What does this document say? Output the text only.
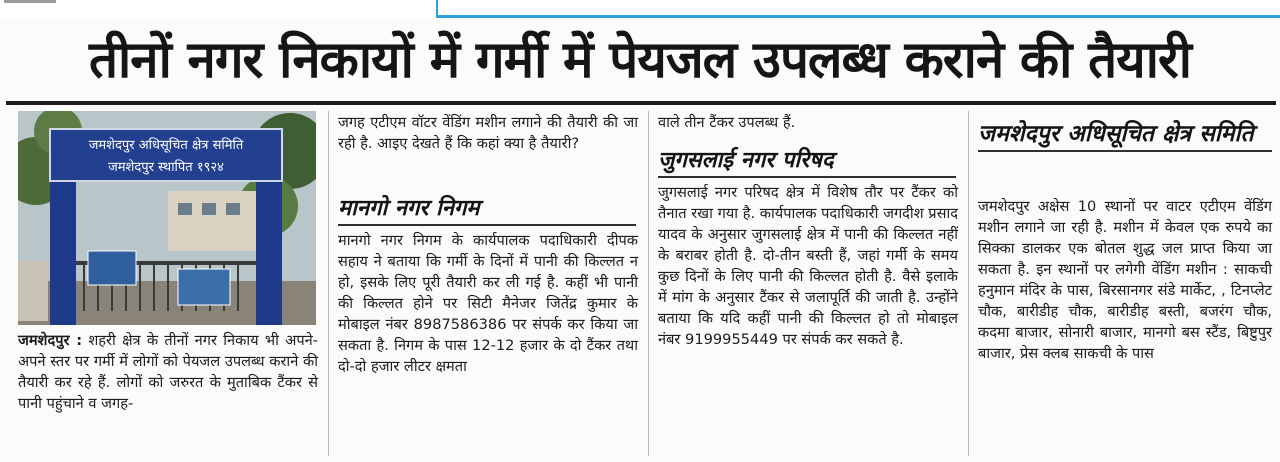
तीनों नगर निकायों में गर्मी में पेयजल उपलब्ध कराने की तैयारी
जमशेदपुर अधिसूचित क्षेत्र समिति
जमशेदपुर स्थापित १९२४

जमशेदपुर : शहरी क्षेत्र के तीनों नगर निकाय भी अपने-अपने स्तर पर गर्मी में लोगों को पेयजल उपलब्ध कराने की तैयारी कर रहे हैं. लोगों को जरुरत के मुताबिक टैंकर से पानी पहुंचाने व जगह-

जगह एटीएम वॉटर वेंडिंग मशीन लगाने की तैयारी की जा रही है. आइए देखते हैं कि कहां क्या है तैयारी?

मानगो नगर निगम

मानगो नगर निगम के कार्यपालक पदाधिकारी दीपक सहाय ने बताया कि गर्मी के दिनों में पानी की किल्लत न हो, इसके लिए पूरी तैयारी कर ली गई है. कहीं भी पानी की किल्लत होने पर सिटी मैनेजर जितेंद्र कुमार के मोबाइल नंबर 8987586386 पर संपर्क कर किया जा सकता है. निगम के पास 12-12 हजार के दो टैंकर तथा दो-दो हजार लीटर क्षमता

वाले तीन टैंकर उपलब्ध हैं.

जुगसलाई नगर परिषद

जुगसलाई नगर परिषद क्षेत्र में विशेष तौर पर टैंकर को तैनात रखा गया है. कार्यपालक पदाधिकारी जगदीश प्रसाद यादव के अनुसार जुगसलाई क्षेत्र में पानी की किल्लत नहीं के बराबर होती है. दो-तीन बस्ती हैं, जहां गर्मी के समय कुछ दिनों के लिए पानी की किल्लत होती है. वैसे इलाके में मांग के अनुसार टैंकर से जलापूर्ति की जाती है. उन्होंने बताया कि यदि कहीं पानी की किल्लत हो तो मोबाइल नंबर 9199955449 पर संपर्क कर सकते है.

जमशेदपुर अधिसूचित क्षेत्र समिति

जमशेदपुर अक्षेस 10 स्थानों पर वाटर एटीएम वेंडिंग मशीन लगाने जा रही है. मशीन में केवल एक रुपये का सिक्का डालकर एक बोतल शुद्ध जल प्राप्त किया जा सकता है. इन स्थानों पर लगेगी वेंडिंग मशीन : साकची हनुमान मंदिर के पास, बिरसानगर संडे मार्केट, , टिनप्लेट चौक, बारीडीह चौक, बारीडीह बस्ती, बजरंग चौक, कदमा बाजार, सोनारी बाजार, मानगो बस स्टैंड, बिष्टुपुर बाजार, प्रेस क्लब साकची के पास
